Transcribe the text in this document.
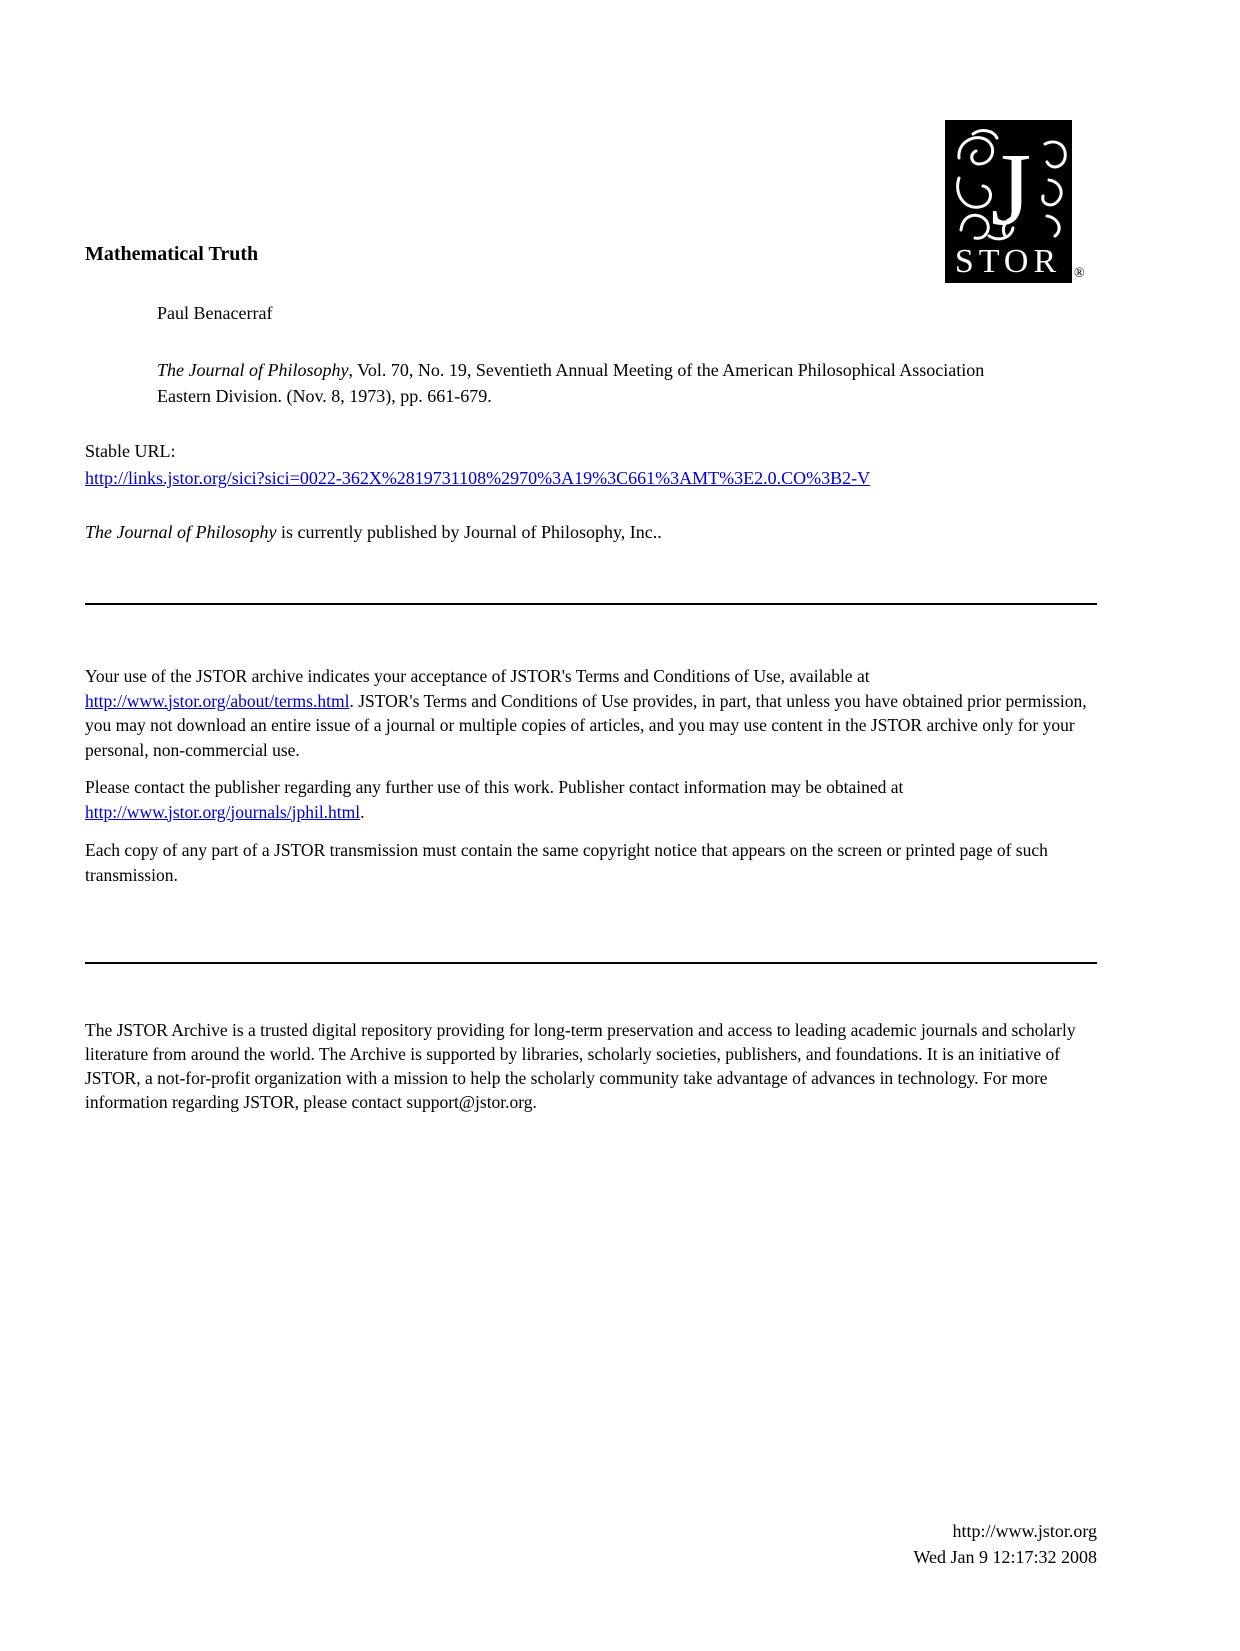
J
STOR ®
Mathematical Truth
Paul Benacerraf
The Journal of Philosophy, Vol. 70, No. 19, Seventieth Annual Meeting of the American Philosophical Association Eastern Division. (Nov. 8, 1973), pp. 661-679.
Stable URL:
http://links.jstor.org/sici?sici=0022-362X%2819731108%2970%3A19%3C661%3AMT%3E2.0.CO%3B2-V
The Journal of Philosophy is currently published by Journal of Philosophy, Inc..

Your use of the JSTOR archive indicates your acceptance of JSTOR's Terms and Conditions of Use, available at http://www.jstor.org/about/terms.html. JSTOR's Terms and Conditions of Use provides, in part, that unless you have obtained prior permission, you may not download an entire issue of a journal or multiple copies of articles, and you may use content in the JSTOR archive only for your personal, non-commercial use.

Please contact the publisher regarding any further use of this work. Publisher contact information may be obtained at http://www.jstor.org/journals/jphil.html.

Each copy of any part of a JSTOR transmission must contain the same copyright notice that appears on the screen or printed page of such transmission.

The JSTOR Archive is a trusted digital repository providing for long-term preservation and access to leading academic journals and scholarly literature from around the world. The Archive is supported by libraries, scholarly societies, publishers, and foundations. It is an initiative of JSTOR, a not-for-profit organization with a mission to help the scholarly community take advantage of advances in technology. For more information regarding JSTOR, please contact support@jstor.org.

http://www.jstor.org
Wed Jan 9 12:17:32 2008
